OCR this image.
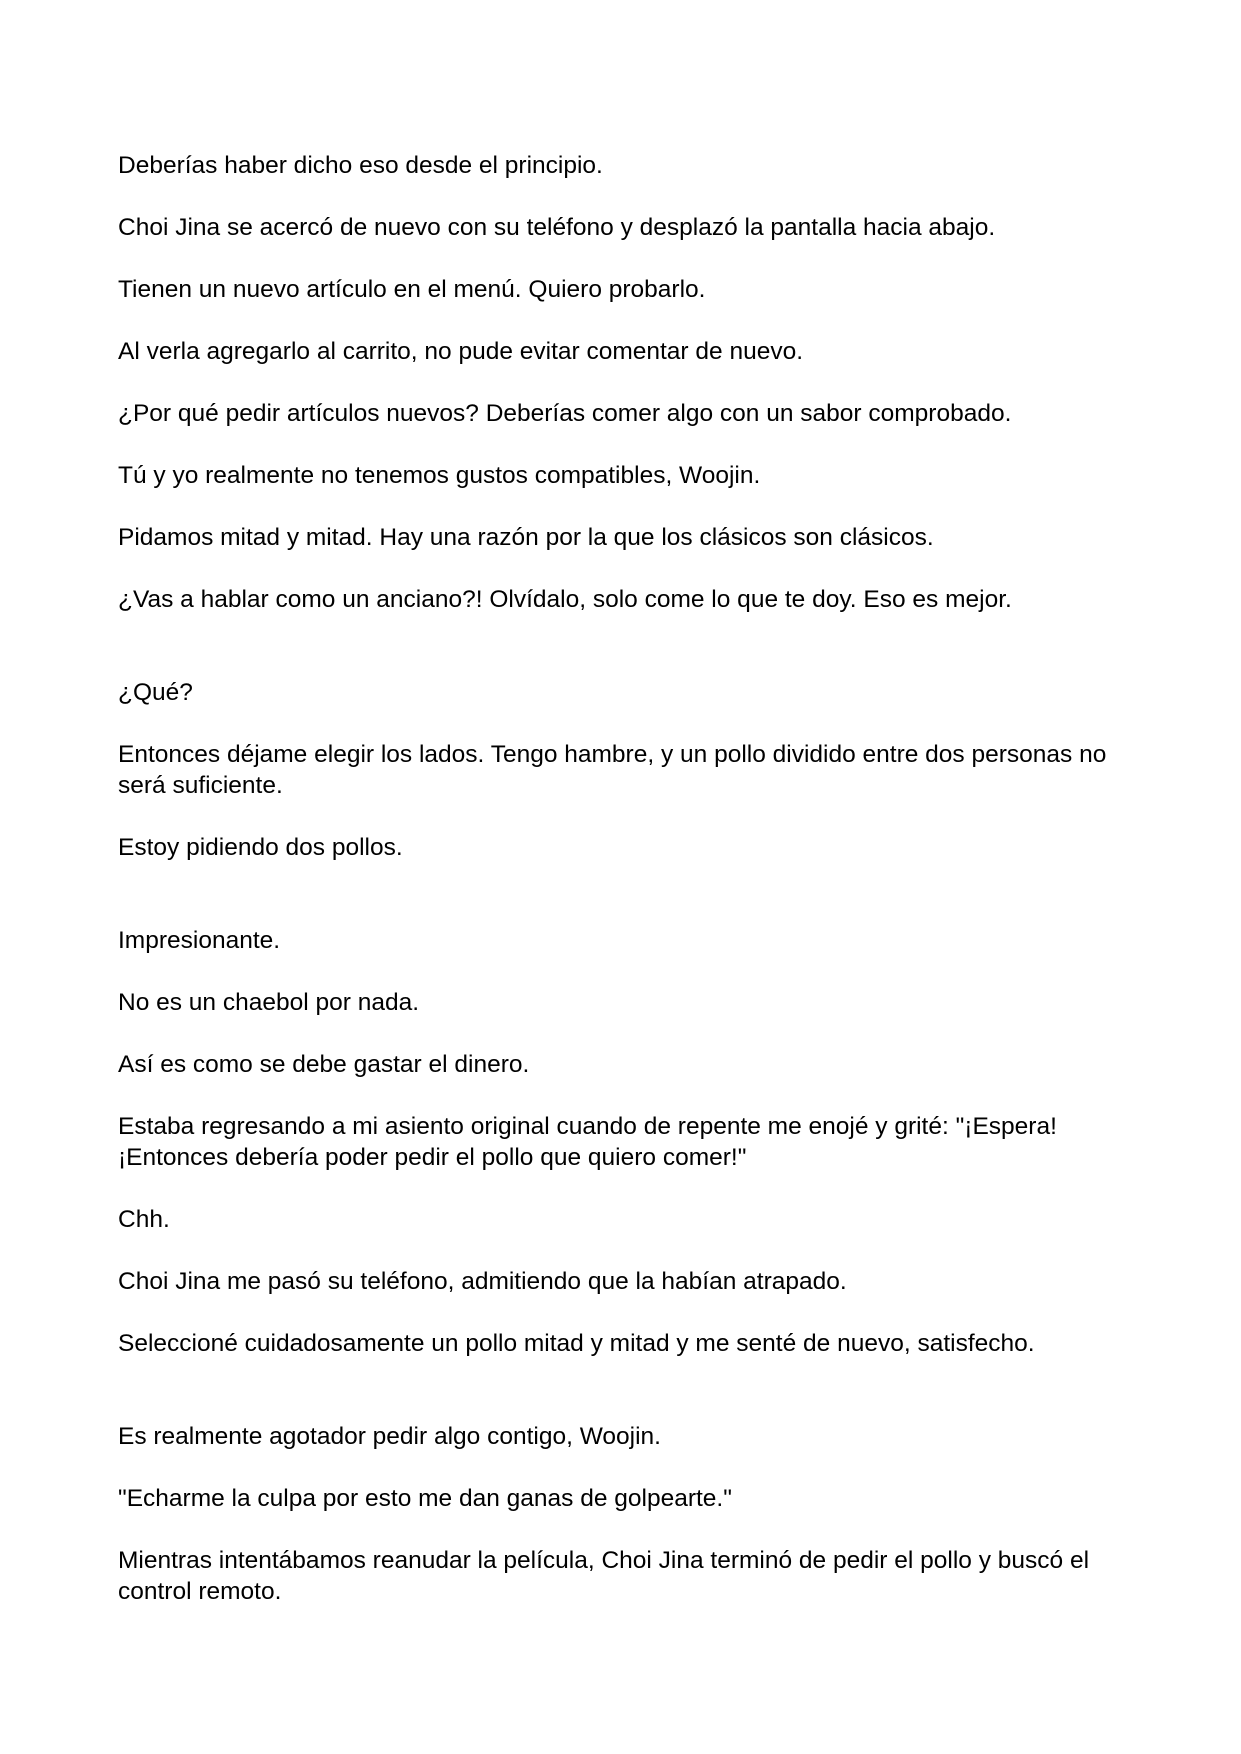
Deberías haber dicho eso desde el principio.

Choi Jina se acercó de nuevo con su teléfono y desplazó la pantalla hacia abajo.

Tienen un nuevo artículo en el menú. Quiero probarlo.

Al verla agregarlo al carrito, no pude evitar comentar de nuevo.

¿Por qué pedir artículos nuevos? Deberías comer algo con un sabor comprobado.

Tú y yo realmente no tenemos gustos compatibles, Woojin.

Pidamos mitad y mitad. Hay una razón por la que los clásicos son clásicos.

¿Vas a hablar como un anciano?! Olvídalo, solo come lo que te doy. Eso es mejor.

¿Qué?

Entonces déjame elegir los lados. Tengo hambre, y un pollo dividido entre dos personas no será suficiente.

Estoy pidiendo dos pollos.

Impresionante.

No es un chaebol por nada.

Así es como se debe gastar el dinero.

Estaba regresando a mi asiento original cuando de repente me enojé y grité: "¡Espera! ¡Entonces debería poder pedir el pollo que quiero comer!"

Chh.

Choi Jina me pasó su teléfono, admitiendo que la habían atrapado.

Seleccioné cuidadosamente un pollo mitad y mitad y me senté de nuevo, satisfecho.

Es realmente agotador pedir algo contigo, Woojin.

"Echarme la culpa por esto me dan ganas de golpearte."

Mientras intentábamos reanudar la película, Choi Jina terminó de pedir el pollo y buscó el control remoto.
